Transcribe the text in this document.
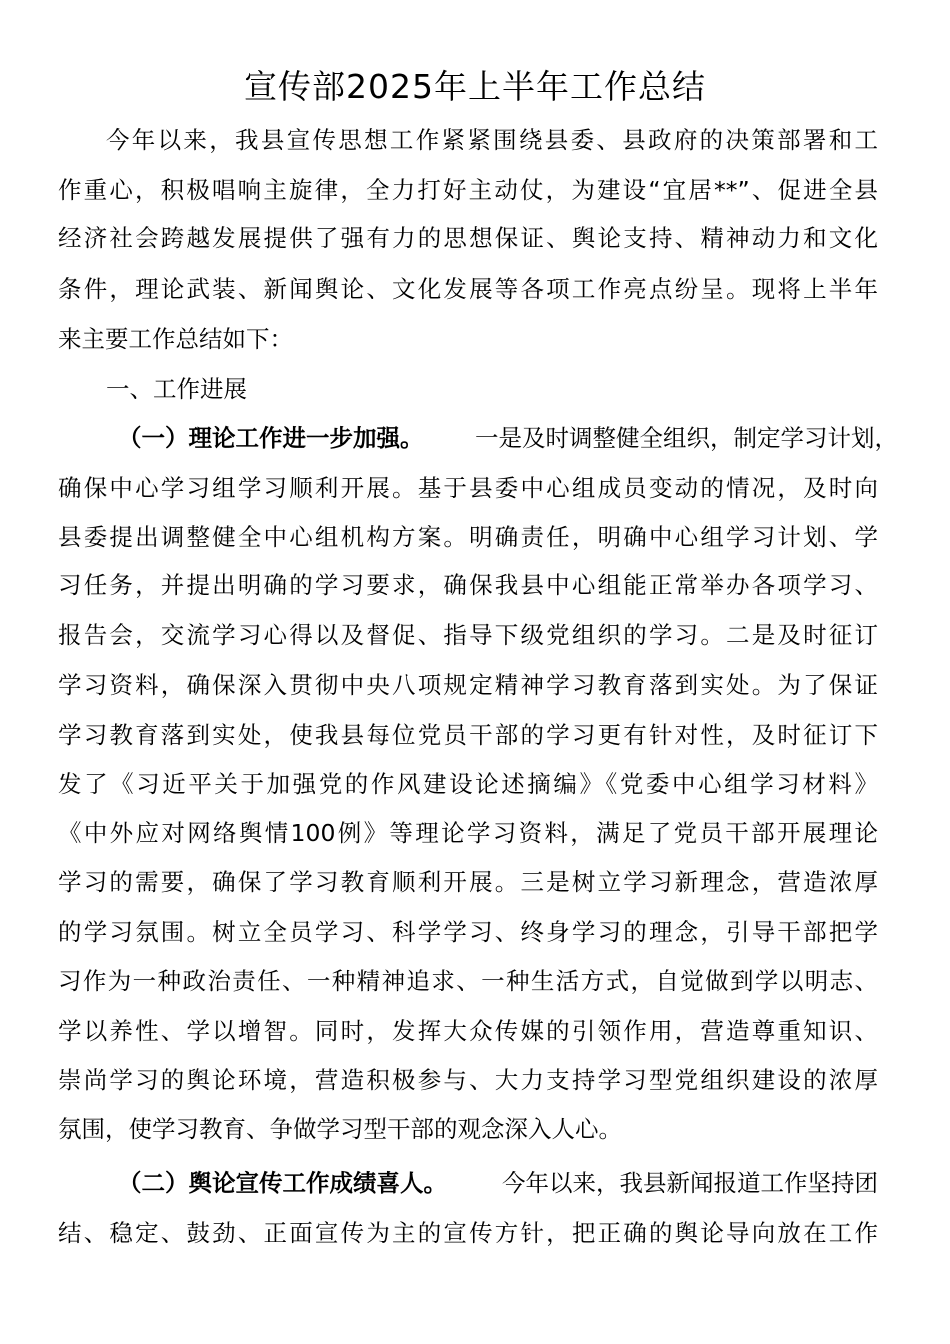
宣传部2025年上半年工作总结
今年以来，我县宣传思想工作紧紧围绕县委、县政府的决策部署和工
作重心，积极唱响主旋律，全力打好主动仗，为建设“宜居**”、促进全县
经济社会跨越发展提供了强有力的思想保证、舆论支持、精神动力和文化
条件，理论武装、新闻舆论、文化发展等各项工作亮点纷呈。现将上半年
来主要工作总结如下：
一、工作进展
（一）理论工作进一步加强。 一是及时调整健全组织，制定学习计划，
确保中心学习组学习顺利开展。基于县委中心组成员变动的情况，及时向
县委提出调整健全中心组机构方案。明确责任，明确中心组学习计划、学
习任务，并提出明确的学习要求，确保我县中心组能正常举办各项学习、
报告会，交流学习心得以及督促、指导下级党组织的学习。二是及时征订
学习资料，确保深入贯彻中央八项规定精神学习教育落到实处。为了保证
学习教育落到实处，使我县每位党员干部的学习更有针对性，及时征订下
发了《习近平关于加强党的作风建设论述摘编》《党委中心组学习材料》
《中外应对网络舆情100例》等理论学习资料，满足了党员干部开展理论
学习的需要，确保了学习教育顺利开展。三是树立学习新理念，营造浓厚
的学习氛围。树立全员学习、科学学习、终身学习的理念，引导干部把学
习作为一种政治责任、一种精神追求、一种生活方式，自觉做到学以明志、
学以养性、学以增智。同时，发挥大众传媒的引领作用，营造尊重知识、
崇尚学习的舆论环境，营造积极参与、大力支持学习型党组织建设的浓厚
氛围，使学习教育、争做学习型干部的观念深入人心。
（二）舆论宣传工作成绩喜人。 今年以来，我县新闻报道工作坚持团
结、稳定、鼓劲、正面宣传为主的宣传方针，把正确的舆论导向放在工作
